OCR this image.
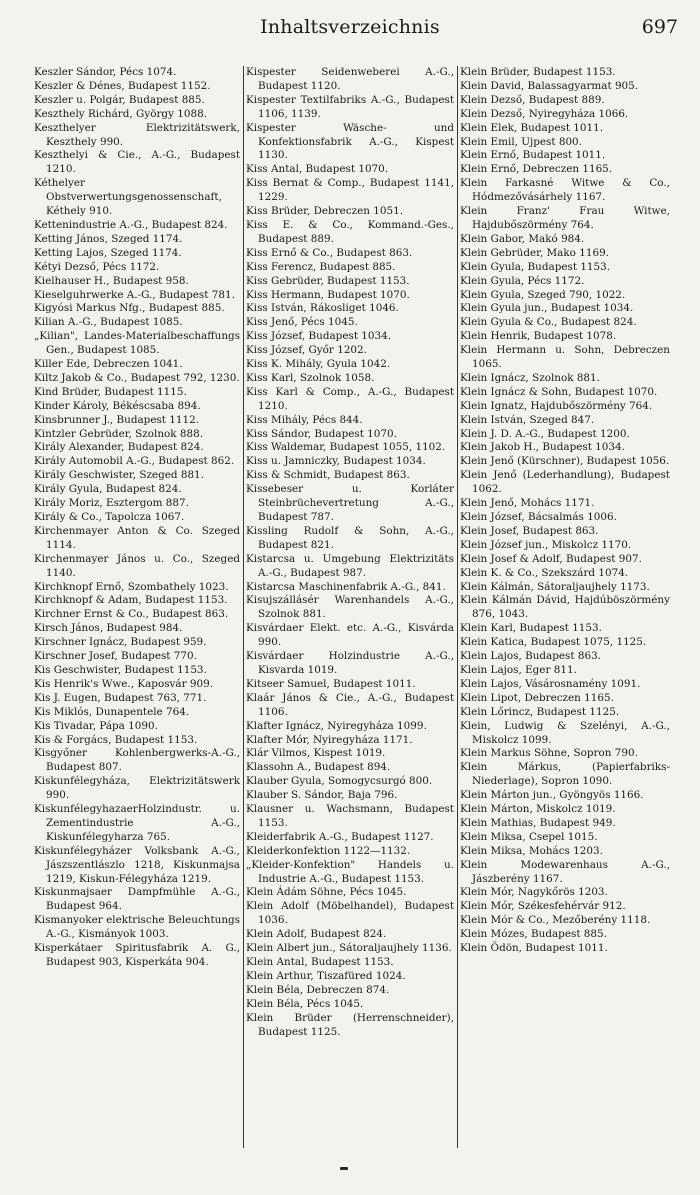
Inhaltsverzeichnis	697

Keszler Sándor, Pécs 1074.

Keszler & Dénes, Budapest 1152.

Keszler u. Polgár, Budapest 885.

Keszthely Richárd, György 1088.

Keszthelyer Elektrizitätswerk, Keszthely 990.

Keszthelyi & Cie., A.-G., Budapest 1210.

Kéthelyer Obstverwertungsgenossenschaft, Kéthely 910.

Kettenindustrie A.-G., Budapest 824.

Ketting János, Szeged 1174.

Ketting Lajos, Szeged 1174.

Kétyi Dezső, Pécs 1172.

Kielhauser H., Budapest 958.

Kieselguhrwerke A.-G., Budapest 781.

Kigyósi Markus Nfg., Budapest 885.

Kilian A.-G., Budapest 1085.

„Kilian", Landes-Materialbeschaffungs Gen., Budapest 1085.

Killer Ede, Debreczen 1041.

Kiltz Jakob & Co., Budapest 792, 1230.

Kind Brüder, Budapest 1115.

Kinder Károly, Békéscsaba 894.

Kinsbrunner J., Budapest 1112.

Kintzler Gebrüder, Szolnok 888.

Király Alexander, Budapest 824.

Király Automobil A.-G., Budapest 862.

Király Geschwister, Szeged 881.

Király Gyula, Budapest 824.

Király Moriz, Esztergom 887.

Király & Co., Tapolcza 1067.

Kirchenmayer Anton & Co. Szeged 1114.

Kirchenmayer János u. Co., Szeged 1140.

Kirchknopf Ernő, Szombathely 1023.

Kirchknopf & Adam, Budapest 1153.

Kirchner Ernst & Co., Budapest 863.

Kirsch János, Budapest 984.

Kirschner Ignácz, Budapest 959.

Kirschner Josef, Budapest 770.

Kis Geschwister, Budapest 1153.

Kis Henrik's Wwe., Kaposvár 909.

Kis J. Eugen, Budapest 763, 771.

Kis Miklós, Dunapentele 764.

Kis Tivadar, Pápa 1090.

Kis & Forgács, Budapest 1153.

Kisgyőner Kohlenbergwerks-A.-G., Budapest 807.

Kiskunfélegyháza, Elektrizitätswerk 990.

KiskunfélegyhazaerHolzindustr. u. Zementindustrie A.-G., Kiskunfélegyharza 765.

Kiskunfélegyházer Volksbank A.-G., Jászszentlászlo 1218, Kiskunmajsa 1219, Kiskun-Félegyháza 1219.

Kiskunmajsaer Dampfmühle A.-G., Budapest 964.

Kismanyoker elektrische Beleuchtungs A.-G., Kismányok 1003.

Kisperkátaer Spiritusfabrik A. G., Budapest 903, Kisperkáta 904.

Kispester Seidenweberei A.-G., Budapest 1120.

Kispester Textilfabriks A.-G., Budapest 1106, 1139.

Kispester Wäsche- und Konfektionsfabrik A.-G., Kispest 1130.

Kiss Antal, Budapest 1070.

Kiss Bernat & Comp., Budapest 1141, 1229.

Kiss Brüder, Debreczen 1051.

Kiss E. & Co., Kommand.-Ges., Budapest 889.

Kiss Ernő & Co., Budapest 863.

Kiss Ferencz, Budapest 885.

Kiss Gebrüder, Budapest 1153.

Kiss Hermann, Budapest 1070.

Kiss István, Rákosliget 1046.

Kiss Jenő, Pécs 1045.

Kiss József, Budapest 1034.

Kiss József, Győr 1202.

Kiss K. Mihály, Gyula 1042.

Kiss Karl, Szolnok 1058.

Kiss Karl & Comp., A.-G., Budapest 1210.

Kiss Mihály, Pécs 844.

Kiss Sándor, Budapest 1070.

Kiss Waldemar, Budapest 1055, 1102.

Kiss u. Jamniczky, Budapest 1034.

Kiss & Schmidt, Budapest 863.

Kissebeser u. Korláter Steinbrüchevertretung A.-G., Budapest 787.

Kissling Rudolf & Sohn, A.-G., Budapest 821.

Kistarcsa u. Umgebung Elektrizitäts A.-G., Budapest 987.

Kistarcsa Maschinenfabrik A.-G., 841.

Kisujszállásér Warenhandels A.-G., Szolnok 881.

Kisvárdaer Elekt. etc. A.-G., Kisvárda 990.

Kisvárdaer Holzindustrie A.-G., Kisvarda 1019.

Kitseer Samuel, Budapest 1011.

Klaár János & Cie., A.-G., Budapest 1106.

Klafter Ignácz, Nyiregyháza 1099.

Klafter Mór, Nyiregyháza 1171.

Klár Vilmos, Kispest 1019.

Klassohn A., Budapest 894.

Klauber Gyula, Somogycsurgó 800.

Klauber S. Sándor, Baja 796.

Klausner u. Wachsmann, Budapest 1153.

Kleiderfabrik A.-G., Budapest 1127.

Kleiderkonfektion 1122—1132.

„Kleider-Konfektion" Handels u. Industrie A.-G., Budapest 1153.

Klein Ádám Söhne, Pécs 1045.

Klein Adolf (Möbelhandel), Budapest 1036.

Klein Adolf, Budapest 824.

Klein Albert jun., Sátoraljaujhely 1136.

Klein Antal, Budapest 1153.

Klein Arthur, Tiszafüred 1024.

Klein Béla, Debreczen 874.

Klein Béla, Pécs 1045.

Klein Brüder (Herrenschneider), Budapest 1125.

Klein Brüder, Budapest 1153.

Klein David, Balassagyarmat 905.

Klein Dezső, Budapest 889.

Klein Dezső, Nyiregyháza 1066.

Klein Elek, Budapest 1011.

Klein Emil, Ujpest 800.

Klein Ernő, Budapest 1011.

Klein Ernő, Debreczen 1165.

Klein Farkasné Witwe & Co., Hódmezővásárhely 1167.

Klein Franz' Frau Witwe, Hajdubőszörmény 764.

Klein Gabor, Makó 984.

Klein Gebrüder, Mako 1169.

Klein Gyula, Budapest 1153.

Klein Gyula, Pécs 1172.

Klein Gyula, Szeged 790, 1022.

Klein Gyula jun., Budapest 1034.

Klein Gyula & Co., Budapest 824.

Klein Henrik, Budapest 1078.

Klein Hermann u. Sohn, Debreczen 1065.

Klein Ignácz, Szolnok 881.

Klein Ignácz & Sohn, Budapest 1070.

Klein Ignatz, Hajdubőszörmény 764.

Klein István, Szeged 847.

Klein J. D. A.-G., Budapest 1200.

Klein Jakob H., Budapest 1034.

Klein Jenő (Kürschner), Budapest 1056.

Klein Jenő (Lederhandlung), Budapest 1062.

Klein Jenő, Mohács 1171.

Klein József, Bácsalmás 1006.

Klein Josef, Budapest 863.

Klein József jun., Miskolcz 1170.

Klein Josef & Adolf, Budapest 907.

Klein K. & Co., Szekszárd 1074.

Klein Kálmán, Sátoraljaujhely 1173.

Klein Kálmán Dávid, Hajdúböszörmény 876, 1043.

Klein Karl, Budapest 1153.

Klein Katica, Budapest 1075, 1125.

Klein Lajos, Budapest 863.

Klein Lajos, Eger 811.

Klein Lajos, Vásárosnamény 1091.

Klein Lipot, Debreczen 1165.

Klein Lőrincz, Budapest 1125.

Klein, Ludwig & Szelényi, A.-G., Miskolcz 1099.

Klein Markus Söhne, Sopron 790.

Klein Márkus, (Papierfabriks-Niederlage), Sopron 1090.

Klein Márton jun., Gyöngyös 1166.

Klein Márton, Miskolcz 1019.

Klein Mathias, Budapest 949.

Klein Miksa, Csepel 1015.

Klein Miksa, Mohács 1203.

Klein Modewarenhaus A.-G., Jászberény 1167.

Klein Mór, Nagykőrös 1203.

Klein Mór, Székesfehérvár 912.

Klein Mór & Co., Mezőberény 1118.

Klein Mózes, Budapest 885.

Klein Ödön, Budapest 1011.
